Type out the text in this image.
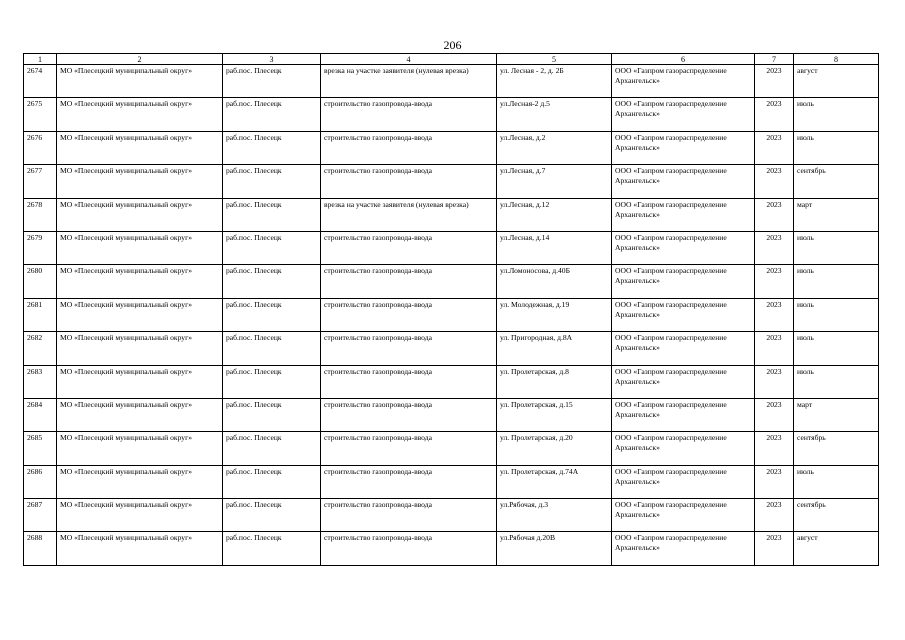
206
1	2	3	4	5	6	7	8
2674	МО «Плесецкий муниципальный округ»	раб.пос. Плесецк	врезка на участке заявителя (нулевая врезка)	ул. Лесная - 2, д. 2Б	ООО «Газпром газораспределение Архангельск»	2023	август
2675	МО «Плесецкий муниципальный округ»	раб.пос. Плесецк	строительство газопровода-ввода	ул.Лесная-2 д.5	ООО «Газпром газораспределение Архангельск»	2023	июль
2676	МО «Плесецкий муниципальный округ»	раб.пос. Плесецк	строительство газопровода-ввода	ул.Лесная, д.2	ООО «Газпром газораспределение Архангельск»	2023	июль
2677	МО «Плесецкий муниципальный округ»	раб.пос. Плесецк	строительство газопровода-ввода	ул.Лесная, д.7	ООО «Газпром газораспределение Архангельск»	2023	сентябрь
2678	МО «Плесецкий муниципальный округ»	раб.пос. Плесецк	врезка на участке заявителя (нулевая врезка)	ул.Лесная, д.12	ООО «Газпром газораспределение Архангельск»	2023	март
2679	МО «Плесецкий муниципальный округ»	раб.пос. Плесецк	строительство газопровода-ввода	ул.Лесная, д.14	ООО «Газпром газораспределение Архангельск»	2023	июль
2680	МО «Плесецкий муниципальный округ»	раб.пос. Плесецк	строительство газопровода-ввода	ул.Ломоносова, д.40Б	ООО «Газпром газораспределение Архангельск»	2023	июль
2681	МО «Плесецкий муниципальный округ»	раб.пос. Плесецк	строительство газопровода-ввода	ул. Молодежная, д.19	ООО «Газпром газораспределение Архангельск»	2023	июль
2682	МО «Плесецкий муниципальный округ»	раб.пос. Плесецк	строительство газопровода-ввода	ул. Пригородная, д.8А	ООО «Газпром газораспределение Архангельск»	2023	июль
2683	МО «Плесецкий муниципальный округ»	раб.пос. Плесецк	строительство газопровода-ввода	ул. Пролетарская, д.8	ООО «Газпром газораспределение Архангельск»	2023	июль
2684	МО «Плесецкий муниципальный округ»	раб.пос. Плесецк	строительство газопровода-ввода	ул. Пролетарская, д.15	ООО «Газпром газораспределение Архангельск»	2023	март
2685	МО «Плесецкий муниципальный округ»	раб.пос. Плесецк	строительство газопровода-ввода	ул. Пролетарская, д.20	ООО «Газпром газораспределение Архангельск»	2023	сентябрь
2686	МО «Плесецкий муниципальный округ»	раб.пос. Плесецк	строительство газопровода-ввода	ул. Пролетарская, д.74А	ООО «Газпром газораспределение Архангельск»	2023	июль
2687	МО «Плесецкий муниципальный округ»	раб.пос. Плесецк	строительство газопровода-ввода	ул.Рябочая, д.3	ООО «Газпром газораспределение Архангельск»	2023	сентябрь
2688	МО «Плесецкий муниципальный округ»	раб.пос. Плесецк	строительство газопровода-ввода	ул.Рябочая д.20В	ООО «Газпром газораспределение Архангельск»	2023	август
